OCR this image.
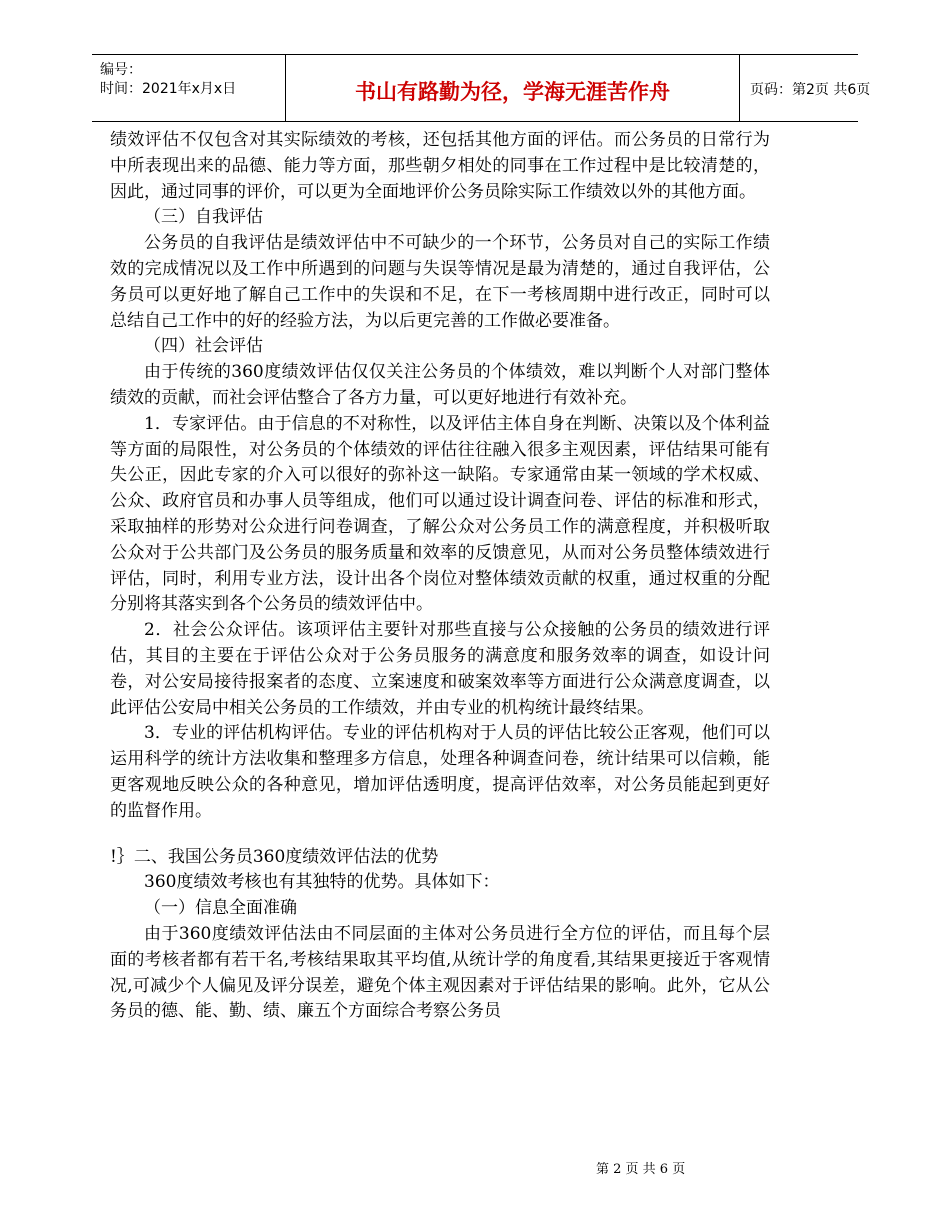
编号：
时间：2021年x月x日	书山有路勤为径，学海无涯苦作舟	页码：第2页 共6页

绩效评估不仅包含对其实际绩效的考核，还包括其他方面的评估。而公务员的日常行为中所表现出来的品德、能力等方面，那些朝夕相处的同事在工作过程中是比较清楚的，因此，通过同事的评价，可以更为全面地评价公务员除实际工作绩效以外的其他方面。

（三）自我评估

公务员的自我评估是绩效评估中不可缺少的一个环节，公务员对自己的实际工作绩效的完成情况以及工作中所遇到的问题与失误等情况是最为清楚的，通过自我评估，公务员可以更好地了解自己工作中的失误和不足，在下一考核周期中进行改正，同时可以总结自己工作中的好的经验方法，为以后更完善的工作做必要准备。

（四）社会评估

由于传统的360度绩效评估仅仅关注公务员的个体绩效，难以判断个人对部门整体绩效的贡献，而社会评估整合了各方力量，可以更好地进行有效补充。

1．专家评估。由于信息的不对称性，以及评估主体自身在判断、决策以及个体利益等方面的局限性，对公务员的个体绩效的评估往往融入很多主观因素，评估结果可能有失公正，因此专家的介入可以很好的弥补这一缺陷。专家通常由某一领域的学术权威、公众、政府官员和办事人员等组成，他们可以通过设计调查问卷、评估的标准和形式，采取抽样的形势对公众进行问卷调查，了解公众对公务员工作的满意程度，并积极听取公众对于公共部门及公务员的服务质量和效率的反馈意见，从而对公务员整体绩效进行评估，同时，利用专业方法，设计出各个岗位对整体绩效贡献的权重，通过权重的分配分别将其落实到各个公务员的绩效评估中。

2．社会公众评估。该项评估主要针对那些直接与公众接触的公务员的绩效进行评估，其目的主要在于评估公众对于公务员服务的满意度和服务效率的调查，如设计问卷，对公安局接待报案者的态度、立案速度和破案效率等方面进行公众满意度调查，以此评估公安局中相关公务员的工作绩效，并由专业的机构统计最终结果。

3．专业的评估机构评估。专业的评估机构对于人员的评估比较公正客观，他们可以运用科学的统计方法收集和整理多方信息，处理各种调查问卷，统计结果可以信赖，能更客观地反映公众的各种意见，增加评估透明度，提高评估效率，对公务员能起到更好的监督作用。

!｝二、我国公务员360度绩效评估法的优势

360度绩效考核也有其独特的优势。具体如下：

（一）信息全面准确

由于360度绩效评估法由不同层面的主体对公务员进行全方位的评估，而且每个层面的考核者都有若干名,考核结果取其平均值,从统计学的角度看,其结果更接近于客观情况,可减少个人偏见及评分误差，避免个体主观因素对于评估结果的影响。此外，它从公务员的德、能、勤、绩、廉五个方面综合考察公务员

第 2 页 共 6 页
